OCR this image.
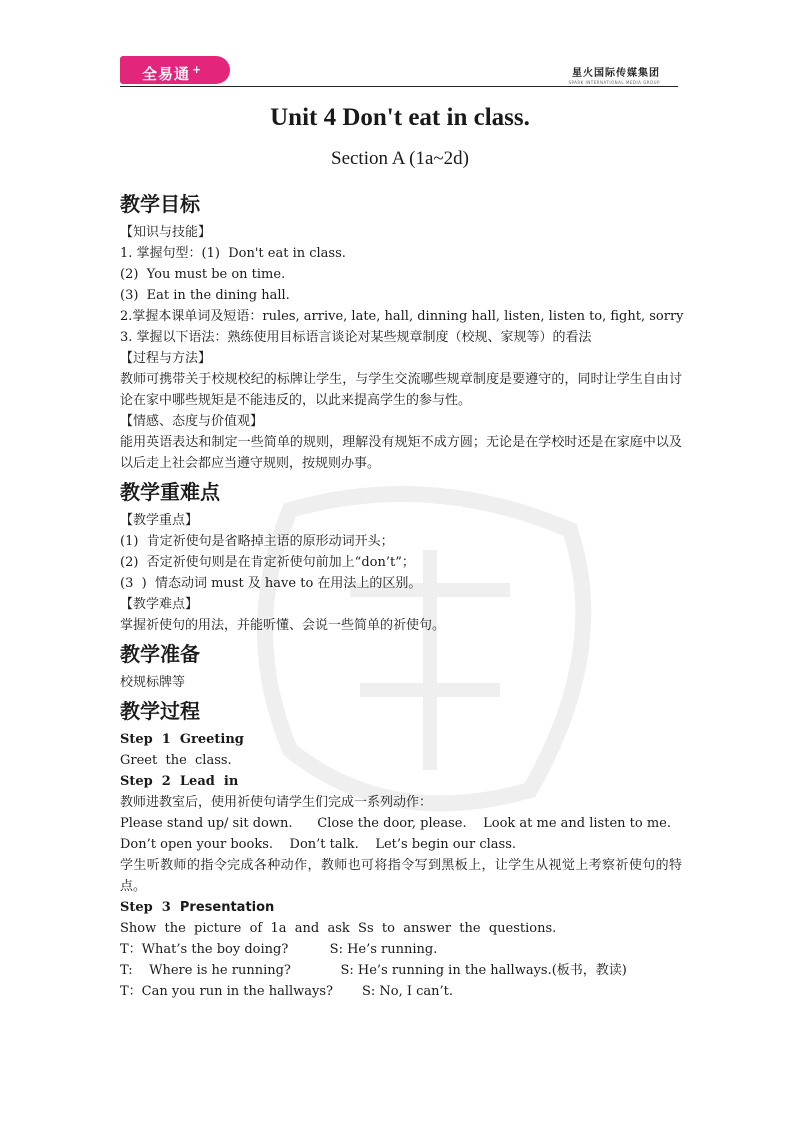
全易通 +	星火国际传媒集团
SPARK INTERNATIONAL MEDIA GROUP
Unit 4 Don't eat in class.
Section A (1a~2d)
教学目标

【知识与技能】

1. 掌握句型：(1)  Don't eat in class.

(2)  You must be on time.

(3)  Eat in the dining hall.

2.掌握本课单词及短语：rules, arrive, late, hall, dinning hall, listen, listen to, fight, sorry

3. 掌握以下语法：熟练使用目标语言谈论对某些规章制度（校规、家规等）的看法

【过程与方法】

教师可携带关于校规校纪的标牌让学生，与学生交流哪些规章制度是要遵守的，同时让学生自由讨论在家中哪些规矩是不能违反的，以此来提高学生的参与性。

【情感、态度与价值观】

能用英语表达和制定一些简单的规则，理解没有规矩不成方圆；无论是在学校时还是在家庭中以及以后走上社会都应当遵守规则，按规则办事。

教学重难点

【教学重点】

(1)  肯定祈使句是省略掉主语的原形动词开头；

(2)  否定祈使句则是在肯定祈使句前加上“don’t”；

(3  )  情态动词 must 及 have to 在用法上的区别。

【教学难点】

掌握祈使句的用法，并能听懂、会说一些简单的祈使句。

教学准备

校规标牌等

教学过程

Step  1  Greeting

Greet  the  class.

Step  2  Lead  in

教师进教室后，使用祈使句请学生们完成一系列动作：

Please stand up/ sit down.      Close the door, please.    Look at me and listen to me.

Don’t open your books.    Don’t talk.    Let’s begin our class.

学生听教师的指令完成各种动作，教师也可将指令写到黑板上，让学生从视觉上考察祈使句的特点。

Step  3  Presentation

Show  the  picture  of  1a  and  ask  Ss  to  answer  the  questions.

T：What’s the boy doing?          S: He’s running.

T:    Where is he running?            S: He’s running in the hallways.(板书，教读)

T：Can you run in the hallways?       S: No, I can’t.
